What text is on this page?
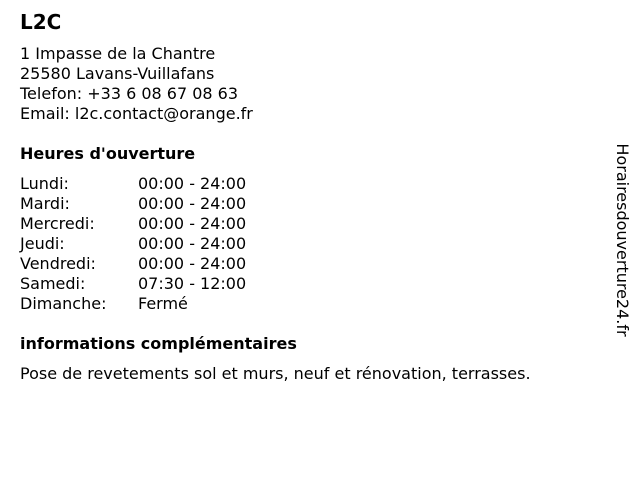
L2C
1 Impasse de la Chantre
25580 Lavans-Vuillafans
Telefon: +33 6 08 67 08 63
Email: l2c.contact@orange.fr
Heures d'ouverture
Lundi:	00:00 - 24:00
Mardi:	00:00 - 24:00
Mercredi:	00:00 - 24:00
Jeudi:	00:00 - 24:00
Vendredi:	00:00 - 24:00
Samedi:	07:30 - 12:00
Dimanche:	Fermé
informations complémentaires
Pose de revetements sol et murs, neuf et rénovation, terrasses.
Horairesdouverture24.fr
